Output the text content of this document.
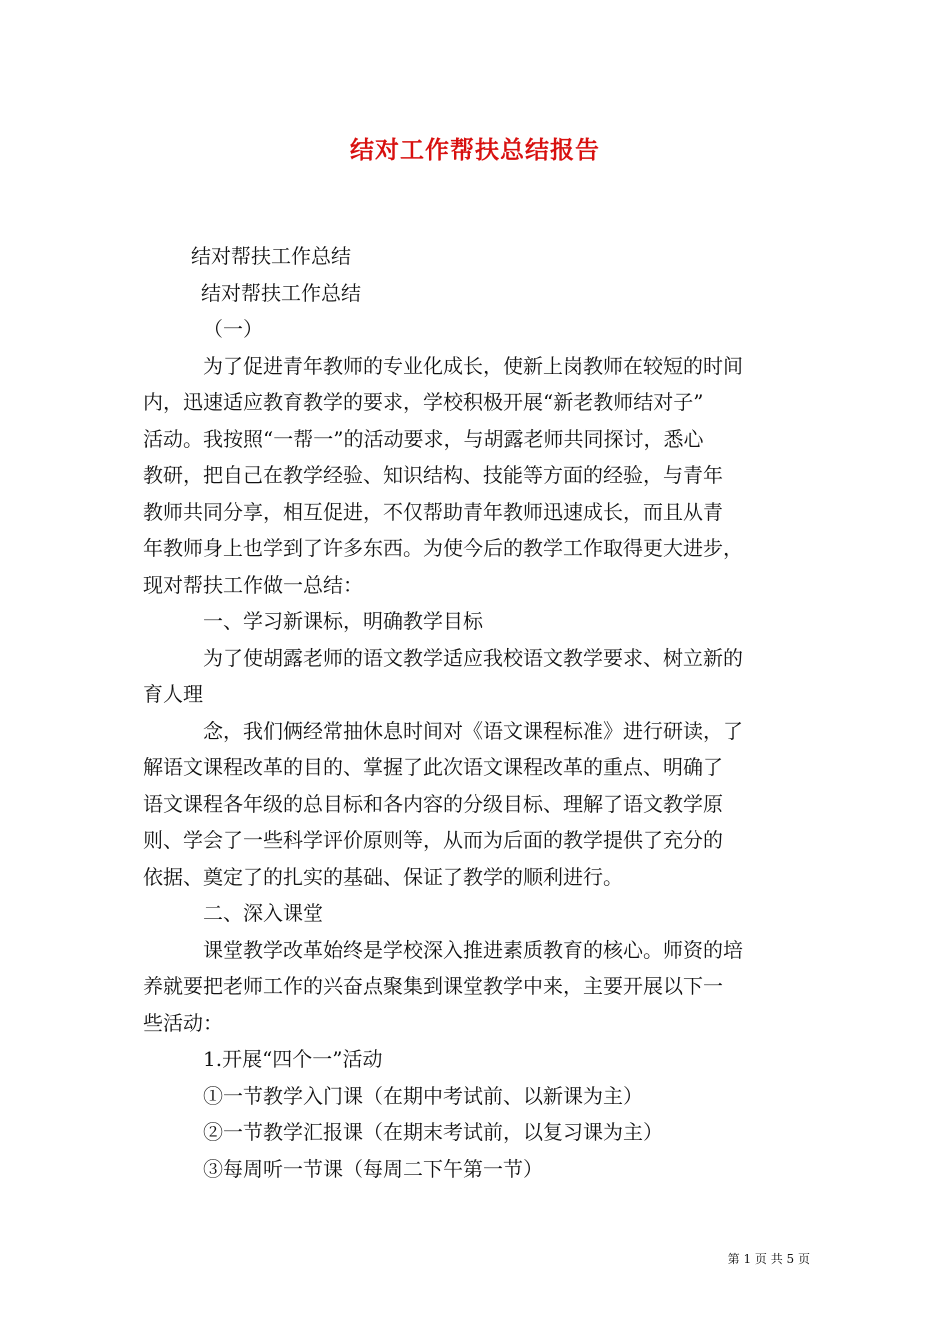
结对工作帮扶总结报告

结对帮扶工作总结

结对帮扶工作总结

（一）

为了促进青年教师的专业化成长，使新上岗教师在较短的时间

内，迅速适应教育教学的要求，学校积极开展“新老教师结对子”

活动。我按照“一帮一”的活动要求，与胡露老师共同探讨，悉心

教研，把自己在教学经验、知识结构、技能等方面的经验，与青年

教师共同分享，相互促进，不仅帮助青年教师迅速成长，而且从青

年教师身上也学到了许多东西。为使今后的教学工作取得更大进步，

现对帮扶工作做一总结：

一、学习新课标，明确教学目标

为了使胡露老师的语文教学适应我校语文教学要求、树立新的

育人理

念，我们俩经常抽休息时间对《语文课程标准》进行研读，了

解语文课程改革的目的、掌握了此次语文课程改革的重点、明确了

语文课程各年级的总目标和各内容的分级目标、理解了语文教学原

则、学会了一些科学评价原则等，从而为后面的教学提供了充分的

依据、奠定了的扎实的基础、保证了教学的顺利进行。

二、深入课堂

课堂教学改革始终是学校深入推进素质教育的核心。师资的培

养就要把老师工作的兴奋点聚集到课堂教学中来，主要开展以下一

些活动：

1.开展“四个一”活动

①一节教学入门课（在期中考试前、以新课为主）

②一节教学汇报课（在期末考试前，以复习课为主）

③每周听一节课（每周二下午第一节）

第 1 页 共 5 页
